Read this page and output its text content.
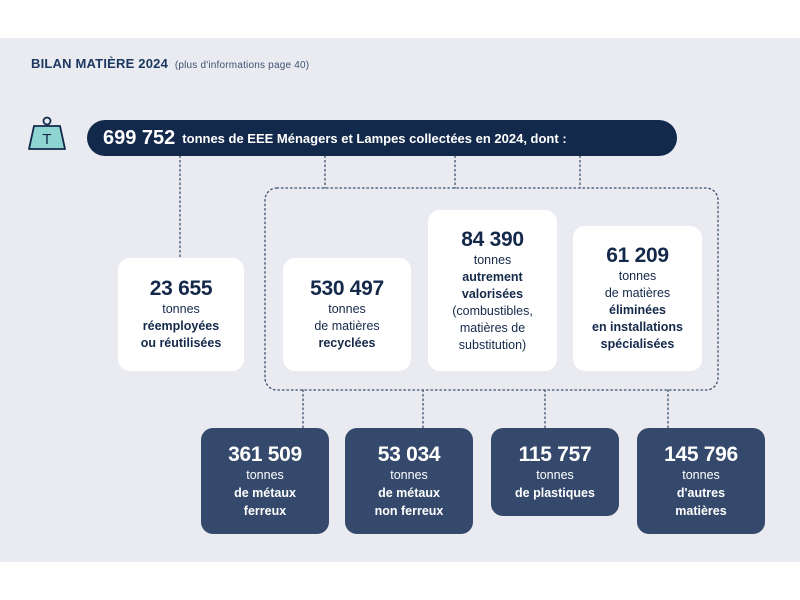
BILAN MATIÈRE 2024 (plus d'informations page 40)
T	699 752 tonnes de EEE Ménagers et Lampes collectées en 2024, dont :
23 655
tonnes
réemployées
ou réutilisées
530 497
tonnes
de matières
recyclées
84 390
tonnes
autrement
valorisées
(combustibles,
matières de
substitution)
61 209
tonnes
de matières
éliminées
en installations
spécialisées
361 509
tonnes
de métaux
ferreux
53 034
tonnes
de métaux
non ferreux
115 757
tonnes
de plastiques
145 796
tonnes
d'autres
matières
